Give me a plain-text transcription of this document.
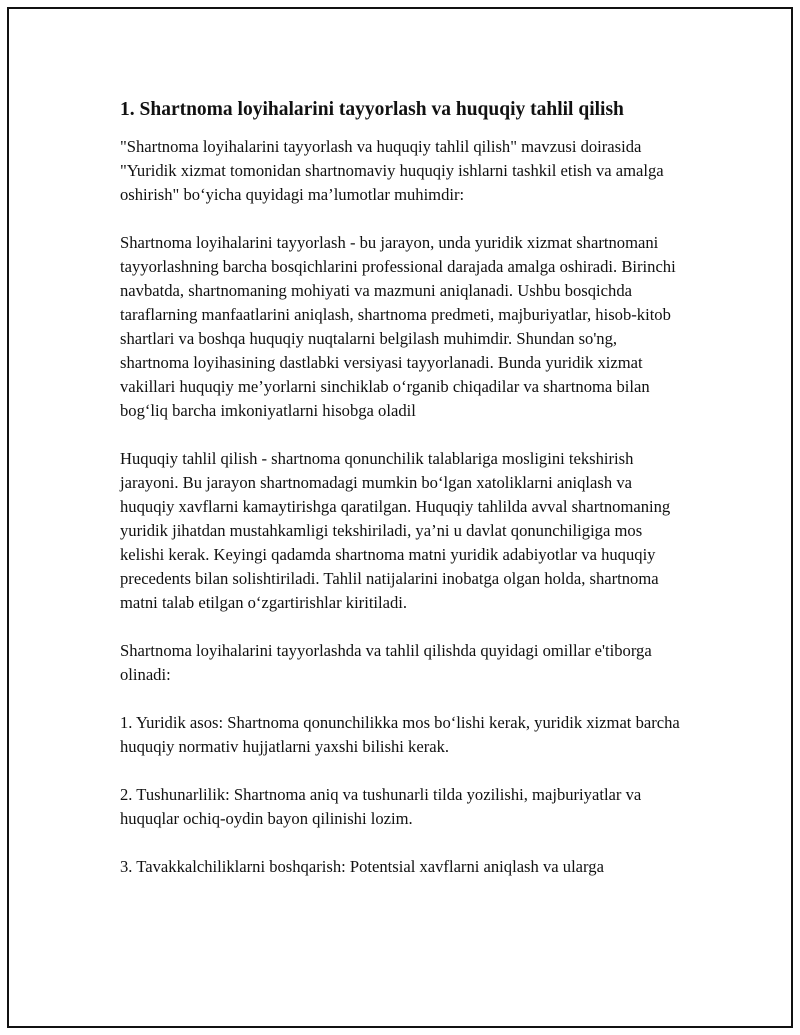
1. Shartnoma loyihalarini tayyorlash va huquqiy tahlil qilish

"Shartnoma loyihalarini tayyorlash va huquqiy tahlil qilish" mavzusi doirasida "Yuridik xizmat tomonidan shartnomaviy huquqiy ishlarni tashkil etish va amalga oshirish" bo‘yicha quyidagi ma’lumotlar muhimdir:

Shartnoma loyihalarini tayyorlash - bu jarayon, unda yuridik xizmat shartnomani tayyorlashning barcha bosqichlarini professional darajada amalga oshiradi. Birinchi navbatda, shartnomaning mohiyati va mazmuni aniqlanadi. Ushbu bosqichda taraflarning manfaatlarini aniqlash, shartnoma predmeti, majburiyatlar, hisob-kitob shartlari va boshqa huquqiy nuqtalarni belgilash muhimdir. Shundan so'ng, shartnoma loyihasining dastlabki versiyasi tayyorlanadi. Bunda yuridik xizmat vakillari huquqiy me’yorlarni sinchiklab o‘rganib chiqadilar va shartnoma bilan bog‘liq barcha imkoniyatlarni hisobga oladil

Huquqiy tahlil qilish - shartnoma qonunchilik talablariga mosligini tekshirish jarayoni. Bu jarayon shartnomadagi mumkin bo‘lgan xatoliklarni aniqlash va huquqiy xavflarni kamaytirishga qaratilgan. Huquqiy tahlilda avval shartnomaning yuridik jihatdan mustahkamligi tekshiriladi, ya’ni u davlat qonunchiligiga mos kelishi kerak. Keyingi qadamda shartnoma matni yuridik adabiyotlar va huquqiy precedents bilan solishtiriladi. Tahlil natijalarini inobatga olgan holda, shartnoma matni talab etilgan o‘zgartirishlar kiritiladi.

Shartnoma loyihalarini tayyorlashda va tahlil qilishda quyidagi omillar e'tiborga olinadi:

1. Yuridik asos: Shartnoma qonunchilikka mos bo‘lishi kerak, yuridik xizmat barcha huquqiy normativ hujjatlarni yaxshi bilishi kerak.

2. Tushunarlilik: Shartnoma aniq va tushunarli tilda yozilishi, majburiyatlar va huquqlar ochiq-oydin bayon qilinishi lozim.

3. Tavakkalchiliklarni boshqarish: Potentsial xavflarni aniqlash va ularga
